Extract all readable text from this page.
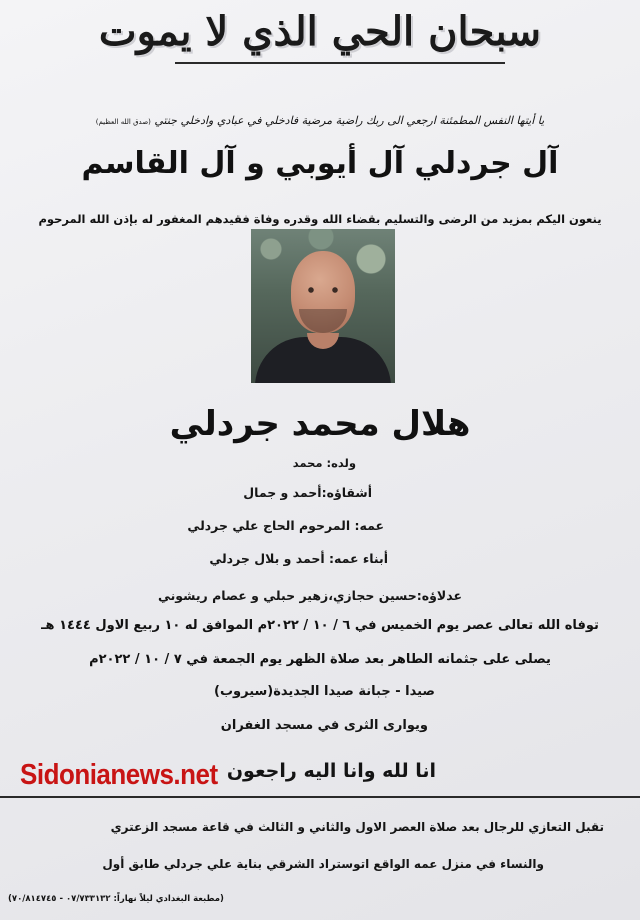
سبحان الحي الذي لا يموت
يا أيتها النفس المطمئنة ارجعي الى ربك راضية مرضية فادخلي في عبادي وادخلي جنتي (صدق الله العظيم)
آل جردلي آل أيوبي و آل القاسم
ينعون اليكم بمزيد من الرضى والتسليم بقضاء الله وقدره وفاة فقيدهم المغفور له بإذن الله المرحوم
هلال محمد جردلي
ولده: محمد
أشقاؤه:أحمد و جمال
عمه: المرحوم الحاج علي جردلي
أبناء عمه: أحمد و بلال جردلي
عدلاؤه:حسين حجازي،زهير حبلي و عصام ريشوني
توفاه الله تعالى عصر يوم الخميس في ٦ / ١٠ / ٢٠٢٢م الموافق له ١٠ ربيع الاول ١٤٤٤ هـ
يصلى على جثمانه الطاهر بعد صلاة الظهر يوم الجمعة في ٧ / ١٠ / ٢٠٢٢م
صيدا - جبانة صيدا الجديدة(سيروب)
ويوارى الثرى في مسجد الغفران
انا لله وانا اليه راجعون
Sidonianews.net
تقبل التعازي للرجال بعد صلاة العصر الاول والثاني و الثالث في قاعة مسجد الزعتري
والنساء في منزل عمه الواقع اتوستراد الشرقي بناية علي جردلي طابق أول
(مطبعة البغدادي ليلاً نهاراً: ٠٧/٧٣٣١٣٢ - ٧٠/٨١٤٧٤٥)
